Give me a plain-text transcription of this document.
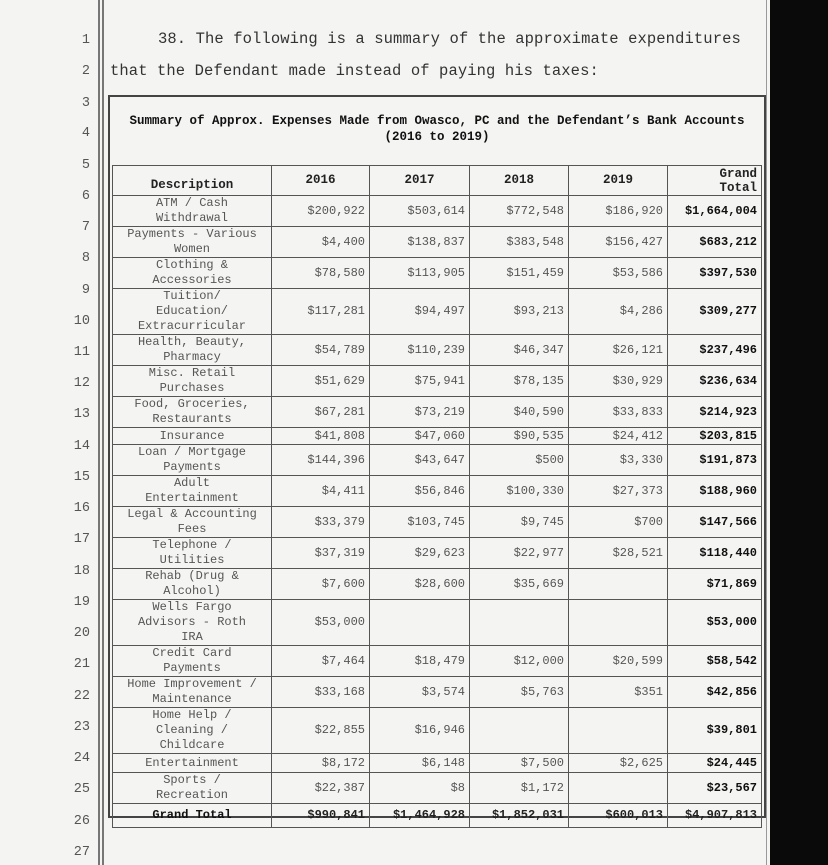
1
2
3
4
5
6
7
8
9
10
11
12
13
14
15
16
17
18
19
20
21
22
23
24
25
26
27
38. The following is a summary of the approximate expenditures
that the Defendant made instead of paying his taxes:
Summary of Approx. Expenses Made from Owasco, PC and the Defendant’s Bank Accounts
(2016 to 2019)
Description	2016	2017	2018	2019	Grand
Total

ATM / Cash
Withdrawal	$200,922	$503,614	$772,548	$186,920	$1,664,004

Payments - Various
Women	$4,400	$138,837	$383,548	$156,427	$683,212

Clothing &
Accessories	$78,580	$113,905	$151,459	$53,586	$397,530

Tuition/
Education/
Extracurricular	$117,281	$94,497	$93,213	$4,286	$309,277

Health, Beauty,
Pharmacy	$54,789	$110,239	$46,347	$26,121	$237,496

Misc. Retail
Purchases	$51,629	$75,941	$78,135	$30,929	$236,634

Food, Groceries,
Restaurants	$67,281	$73,219	$40,590	$33,833	$214,923

Insurance	$41,808	$47,060	$90,535	$24,412	$203,815

Loan / Mortgage
Payments	$144,396	$43,647	$500	$3,330	$191,873

Adult
Entertainment	$4,411	$56,846	$100,330	$27,373	$188,960

Legal & Accounting
Fees	$33,379	$103,745	$9,745	$700	$147,566

Telephone /
Utilities	$37,319	$29,623	$22,977	$28,521	$118,440

Rehab (Drug &
Alcohol)	$7,600	$28,600	$35,669		$71,869

Wells Fargo
Advisors - Roth
IRA	$53,000				$53,000

Credit Card
Payments	$7,464	$18,479	$12,000	$20,599	$58,542

Home Improvement /
Maintenance	$33,168	$3,574	$5,763	$351	$42,856

Home Help /
Cleaning /
Childcare	$22,855	$16,946			$39,801

Entertainment	$8,172	$6,148	$7,500	$2,625	$24,445

Sports /
Recreation	$22,387	$8	$1,172		$23,567
Grand Total	$990,841	$1,464,928	$1,852,031	$600,013	$4,907,813
